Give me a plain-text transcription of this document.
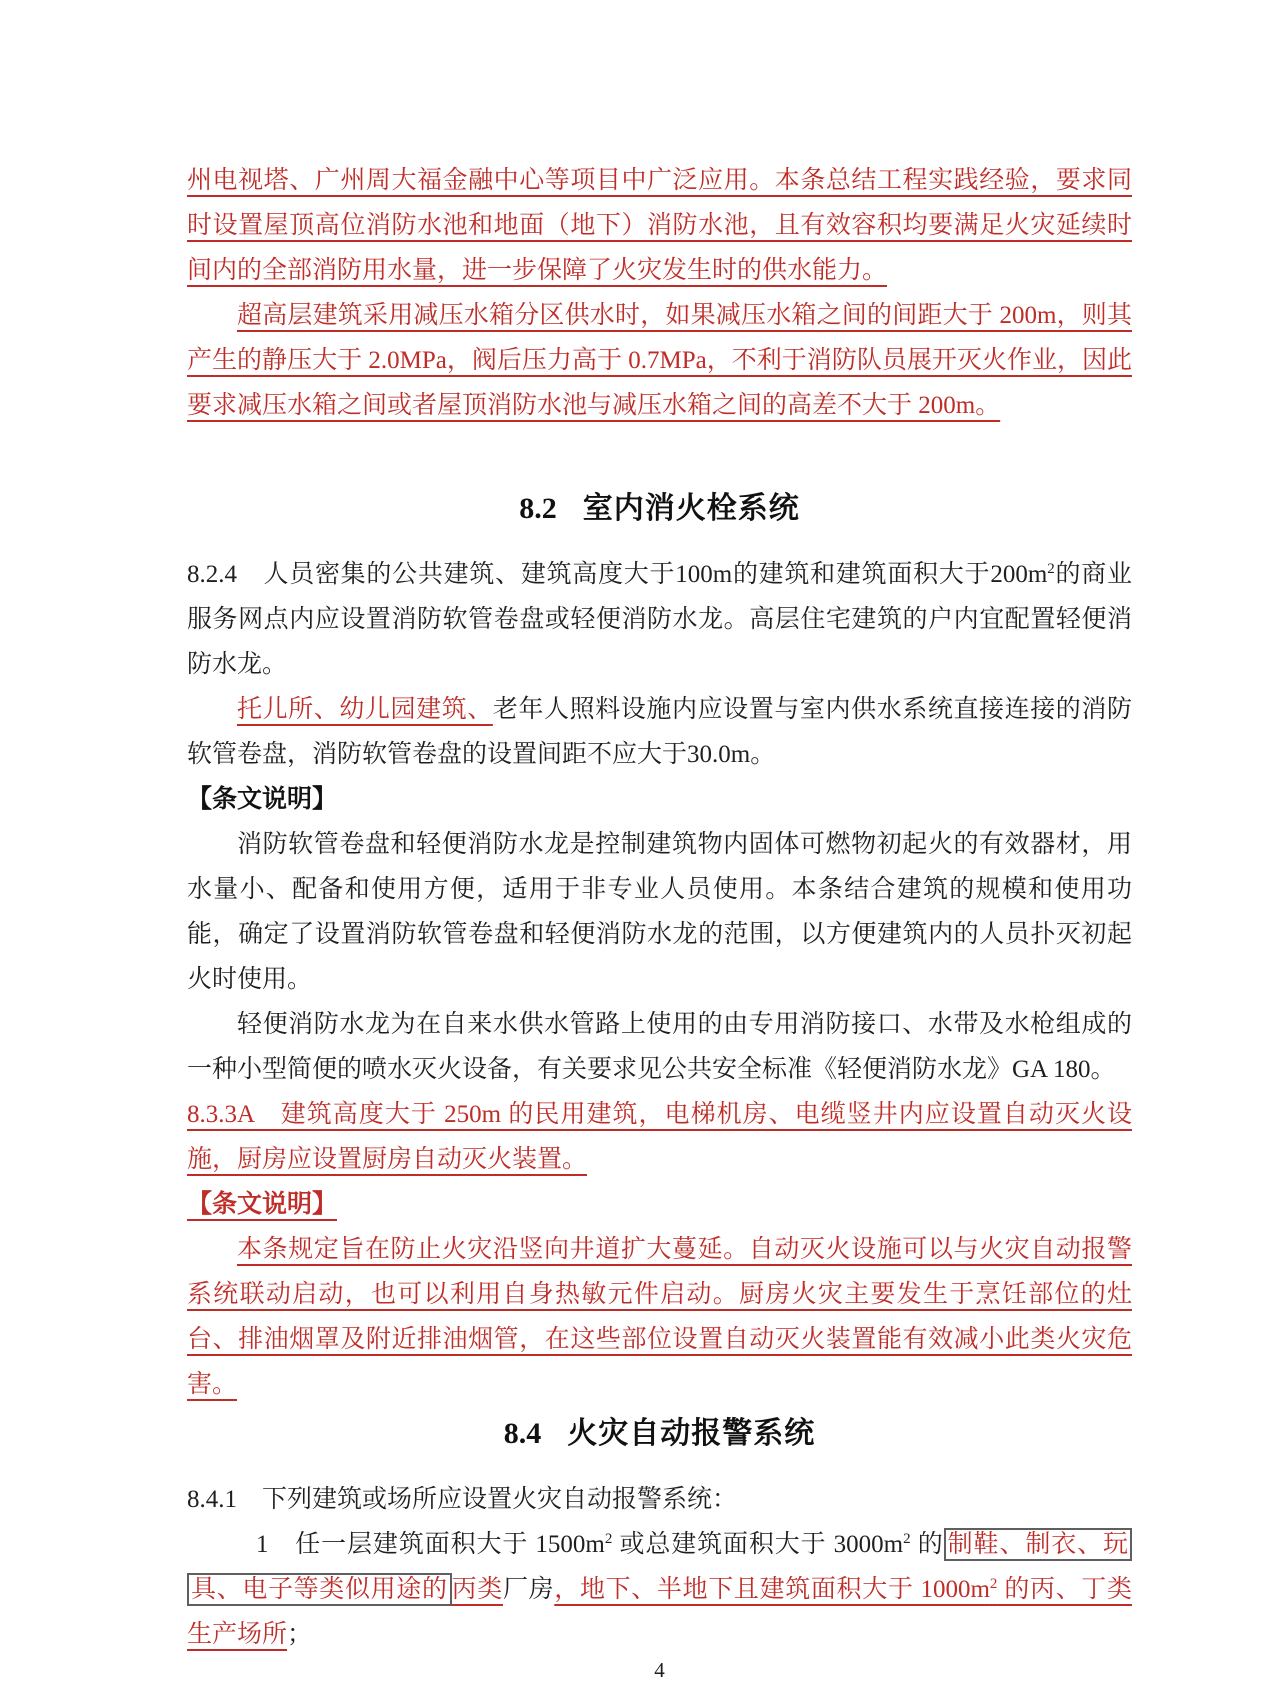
州电视塔、广州周大福金融中心等项目中广泛应用。本条总结工程实践经验，要求同时设置屋顶高位消防水池和地面（地下）消防水池，且有效容积均要满足火灾延续时间内的全部消防用水量，进一步保障了火灾发生时的供水能力。

超高层建筑采用减压水箱分区供水时，如果减压水箱之间的间距大于 200m，则其产生的静压大于 2.0MPa，阀后压力高于 0.7MPa，不利于消防队员展开灭火作业，因此要求减压水箱之间或者屋顶消防水池与减压水箱之间的高差不大于 200m。

8.2 室内消火栓系统

8.2.4　人员密集的公共建筑、建筑高度大于100m的建筑和建筑面积大于$200m^2$的商业服务网点内应设置消防软管卷盘或轻便消防水龙。高层住宅建筑的户内宜配置轻便消防水龙。

托儿所、幼儿园建筑、老年人照料设施内应设置与室内供水系统直接连接的消防软管卷盘，消防软管卷盘的设置间距不应大于30.0m。

【条文说明】

消防软管卷盘和轻便消防水龙是控制建筑物内固体可燃物初起火的有效器材，用水量小、配备和使用方便，适用于非专业人员使用。本条结合建筑的规模和使用功能，确定了设置消防软管卷盘和轻便消防水龙的范围，以方便建筑内的人员扑灭初起火时使用。

轻便消防水龙为在自来水供水管路上使用的由专用消防接口、水带及水枪组成的一种小型简便的喷水灭火设备，有关要求见公共安全标准《轻便消防水龙》GA 180。

8.3.3A　建筑高度大于 250m 的民用建筑，电梯机房、电缆竖井内应设置自动灭火设施，厨房应设置厨房自动灭火装置。

【条文说明】

本条规定旨在防止火灾沿竖向井道扩大蔓延。自动灭火设施可以与火灾自动报警系统联动启动，也可以利用自身热敏元件启动。厨房火灾主要发生于烹饪部位的灶台、排油烟罩及附近排油烟管，在这些部位设置自动灭火装置能有效减小此类火灾危害。

8.4 火灾自动报警系统

8.4.1　下列建筑或场所应设置火灾自动报警系统：

1　任一层建筑面积大于 $1500m^2$ 或总建筑面积大于 $3000m^2$ 的 制鞋、制衣、玩具、电子等类似用途的 丙类厂房，地下、半地下且建筑面积大于 $1000m^2$ 的丙、丁类生产场所；

4
